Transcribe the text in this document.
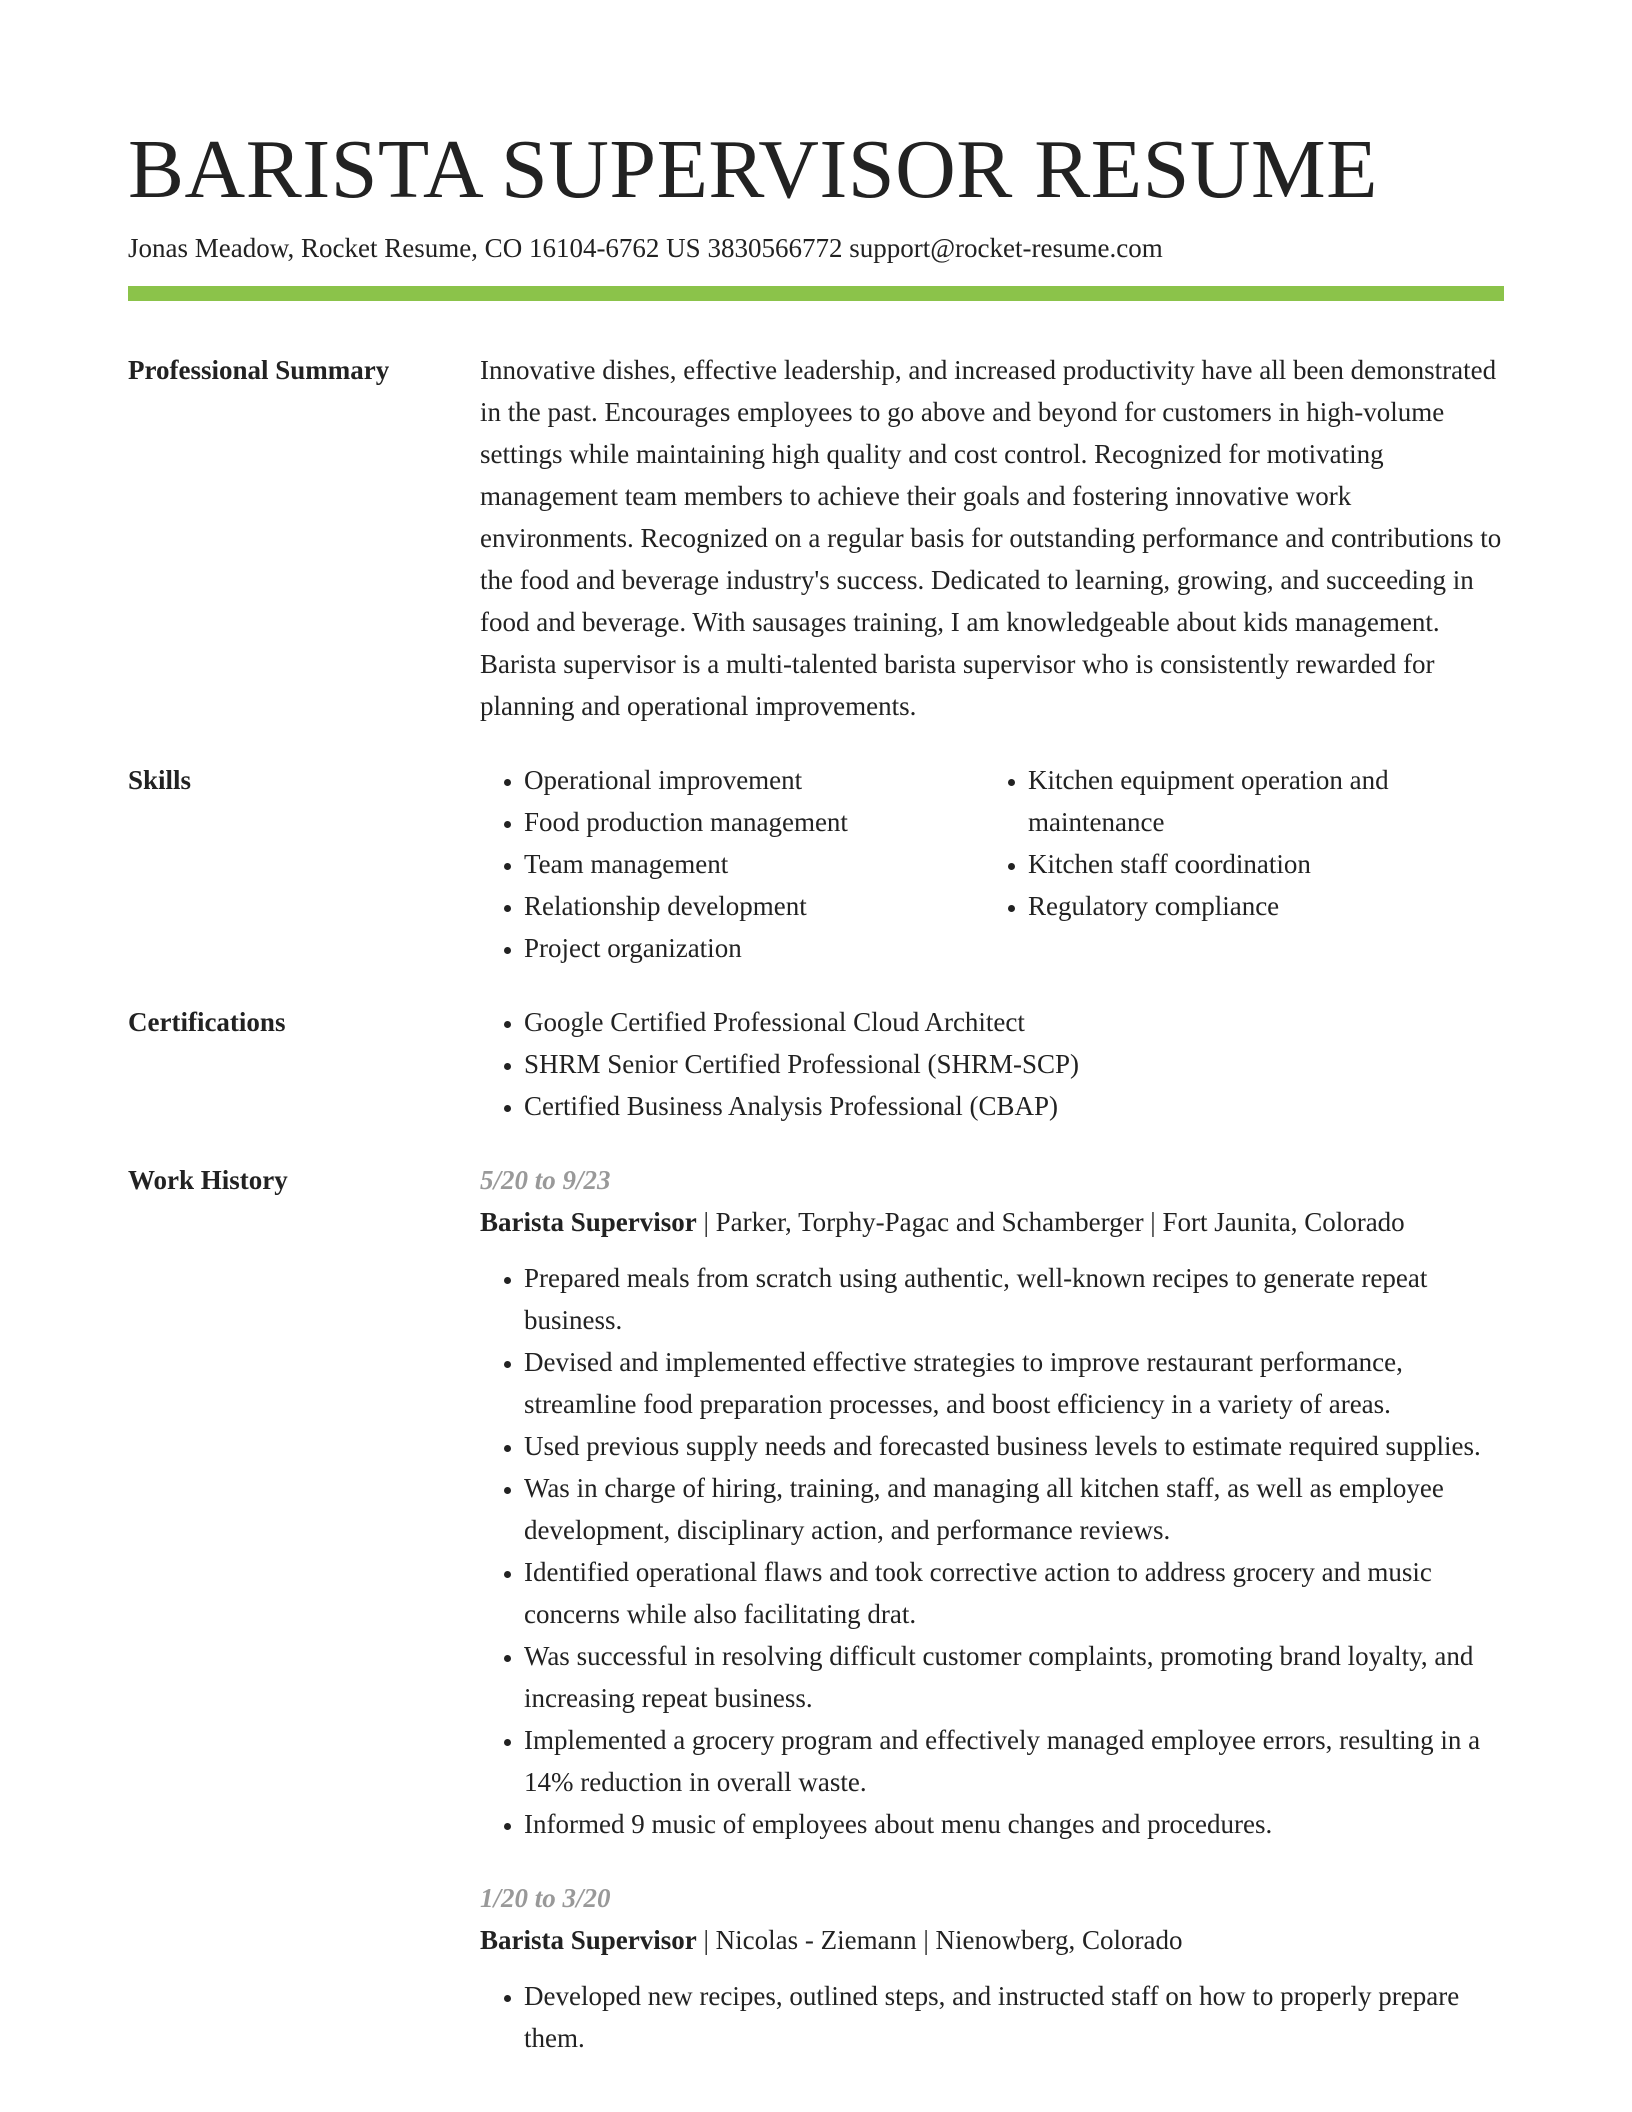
BARISTA SUPERVISOR RESUME
Jonas Meadow, Rocket Resume, CO 16104-6762 US 3830566772 support@rocket-resume.com
Professional Summary	Innovative dishes, effective leadership, and increased productivity have all been demonstrated in the past. Encourages employees to go above and beyond for customers in high-volume settings while maintaining high quality and cost control. Recognized for motivating management team members to achieve their goals and fostering innovative work environments. Recognized on a regular basis for outstanding performance and contributions to the food and beverage industry's success. Dedicated to learning, growing, and succeeding in food and beverage. With sausages training, I am knowledgeable about kids management. Barista supervisor is a multi-talented barista supervisor who is consistently rewarded for planning and operational improvements.

Skills	• Operational improvement
• Food production management
• Team management
• Relationship development
• Project organization
• Kitchen equipment operation and maintenance
• Kitchen staff coordination
• Regulatory compliance
Certifications	• Google Certified Professional Cloud Architect
• SHRM Senior Certified Professional (SHRM-SCP)
• Certified Business Analysis Professional (CBAP)
Work History	5/20 to 9/23
Barista Supervisor | Parker, Torphy-Pagac and Schamberger | Fort Jaunita, Colorado
• Prepared meals from scratch using authentic, well-known recipes to generate repeat business.
• Devised and implemented effective strategies to improve restaurant performance, streamline food preparation processes, and boost efficiency in a variety of areas.
• Used previous supply needs and forecasted business levels to estimate required supplies.
• Was in charge of hiring, training, and managing all kitchen staff, as well as employee development, disciplinary action, and performance reviews.
• Identified operational flaws and took corrective action to address grocery and music concerns while also facilitating drat.
• Was successful in resolving difficult customer complaints, promoting brand loyalty, and increasing repeat business.
• Implemented a grocery program and effectively managed employee errors, resulting in a 14% reduction in overall waste.
• Informed 9 music of employees about menu changes and procedures.
1/20 to 3/20
Barista Supervisor | Nicolas - Ziemann | Nienowberg, Colorado
• Developed new recipes, outlined steps, and instructed staff on how to properly prepare them.
